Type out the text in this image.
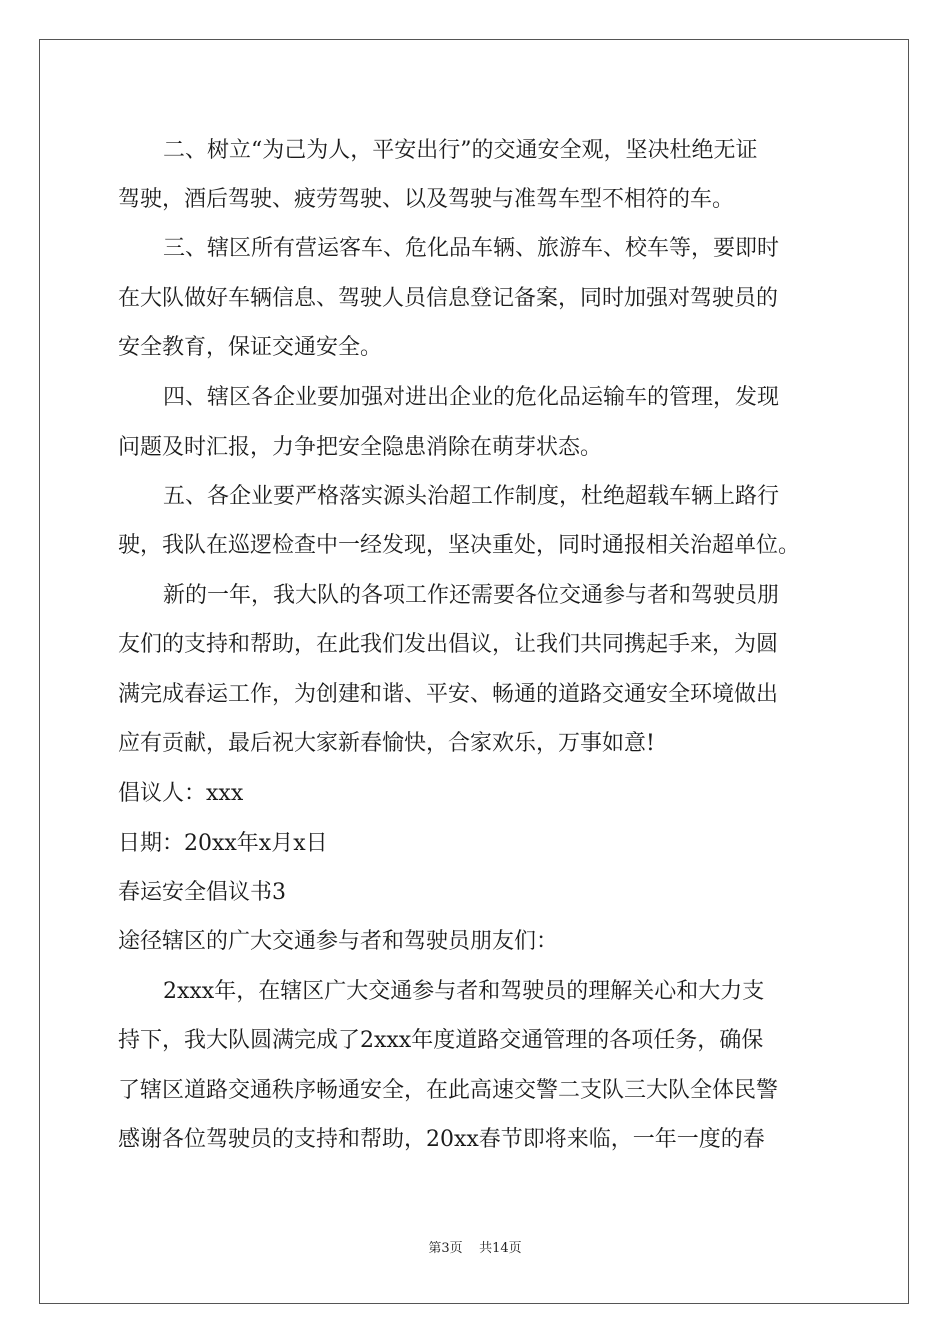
二、树立“为己为人，平安出行”的交通安全观，坚决杜绝无证
驾驶，酒后驾驶、疲劳驾驶、以及驾驶与准驾车型不相符的车。
三、辖区所有营运客车、危化品车辆、旅游车、校车等，要即时
在大队做好车辆信息、驾驶人员信息登记备案，同时加强对驾驶员的
安全教育，保证交通安全。
四、辖区各企业要加强对进出企业的危化品运输车的管理，发现
问题及时汇报，力争把安全隐患消除在萌芽状态。
五、各企业要严格落实源头治超工作制度，杜绝超载车辆上路行
驶，我队在巡逻检查中一经发现，坚决重处，同时通报相关治超单位。
新的一年，我大队的各项工作还需要各位交通参与者和驾驶员朋
友们的支持和帮助，在此我们发出倡议，让我们共同携起手来，为圆
满完成春运工作，为创建和谐、平安、畅通的道路交通安全环境做出
应有贡献，最后祝大家新春愉快，合家欢乐，万事如意!
倡议人：xxx
日期：20xx年x月x日
春运安全倡议书3
途径辖区的广大交通参与者和驾驶员朋友们：
2xxx年，在辖区广大交通参与者和驾驶员的理解关心和大力支
持下，我大队圆满完成了2xxx年度道路交通管理的各项任务，确保
了辖区道路交通秩序畅通安全，在此高速交警二支队三大队全体民警
感谢各位驾驶员的支持和帮助，20xx春节即将来临，一年一度的春
第3页 共14页
